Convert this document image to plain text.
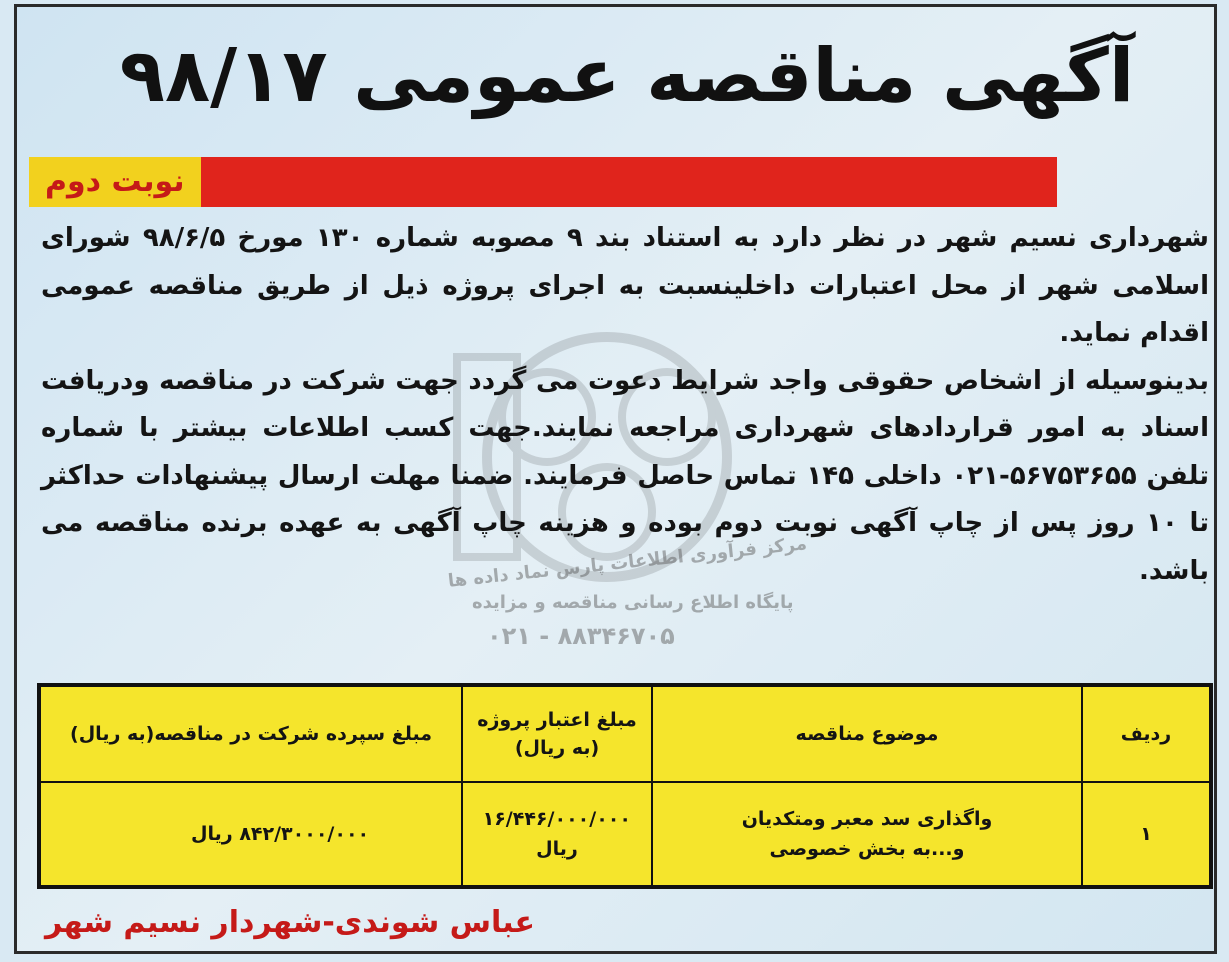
آگهی مناقصه عمومی ۹۸/۱۷
نوبت دوم
مرکز فرآوری اطلاعات پارس نماد داده ها
پایگاه اطلاع رسانی مناقصه و مزایده
۰۲۱ - ۸۸۳۴۶۷۰۵

شهرداری نسیم شهر در نظر دارد به استناد بند ۹ مصوبه شماره ۱۳۰ مورخ ۹۸/۶/۵ شورای اسلامی شهر از محل اعتبارات داخلینسبت به اجرای پروژه ذیل از طریق مناقصه عمومی اقدام نماید.

بدینوسیله از اشخاص حقوقی واجد شرایط دعوت می گردد جهت شرکت در مناقصه ودریافت اسناد به امور قراردادهای شهرداری مراجعه نمایند.جهت کسب اطلاعات بیشتر با شماره تلفن ۵۶۷۵۳۶۵۵-۰۲۱ داخلی ۱۴۵ تماس حاصل فرمایند. ضمنا مهلت ارسال پیشنهادات حداکثر تا ۱۰ روز پس از چاپ آگهی نوبت دوم بوده و هزینه چاپ آگهی به عهده برنده مناقصه می باشد.

ردیف	موضوع مناقصه	مبلغ اعتبار پروژه (به ریال)	مبلغ سپرده شرکت در مناقصه(به ریال)
۱	واگذاری سد معبر ومتکدیان و...به بخش خصوصی	۱۶/۴۴۶/۰۰۰/۰۰۰ ریال	۸۴۲/۳۰۰۰/۰۰۰ ریال
عباس شوندی-شهردار نسیم شهر
